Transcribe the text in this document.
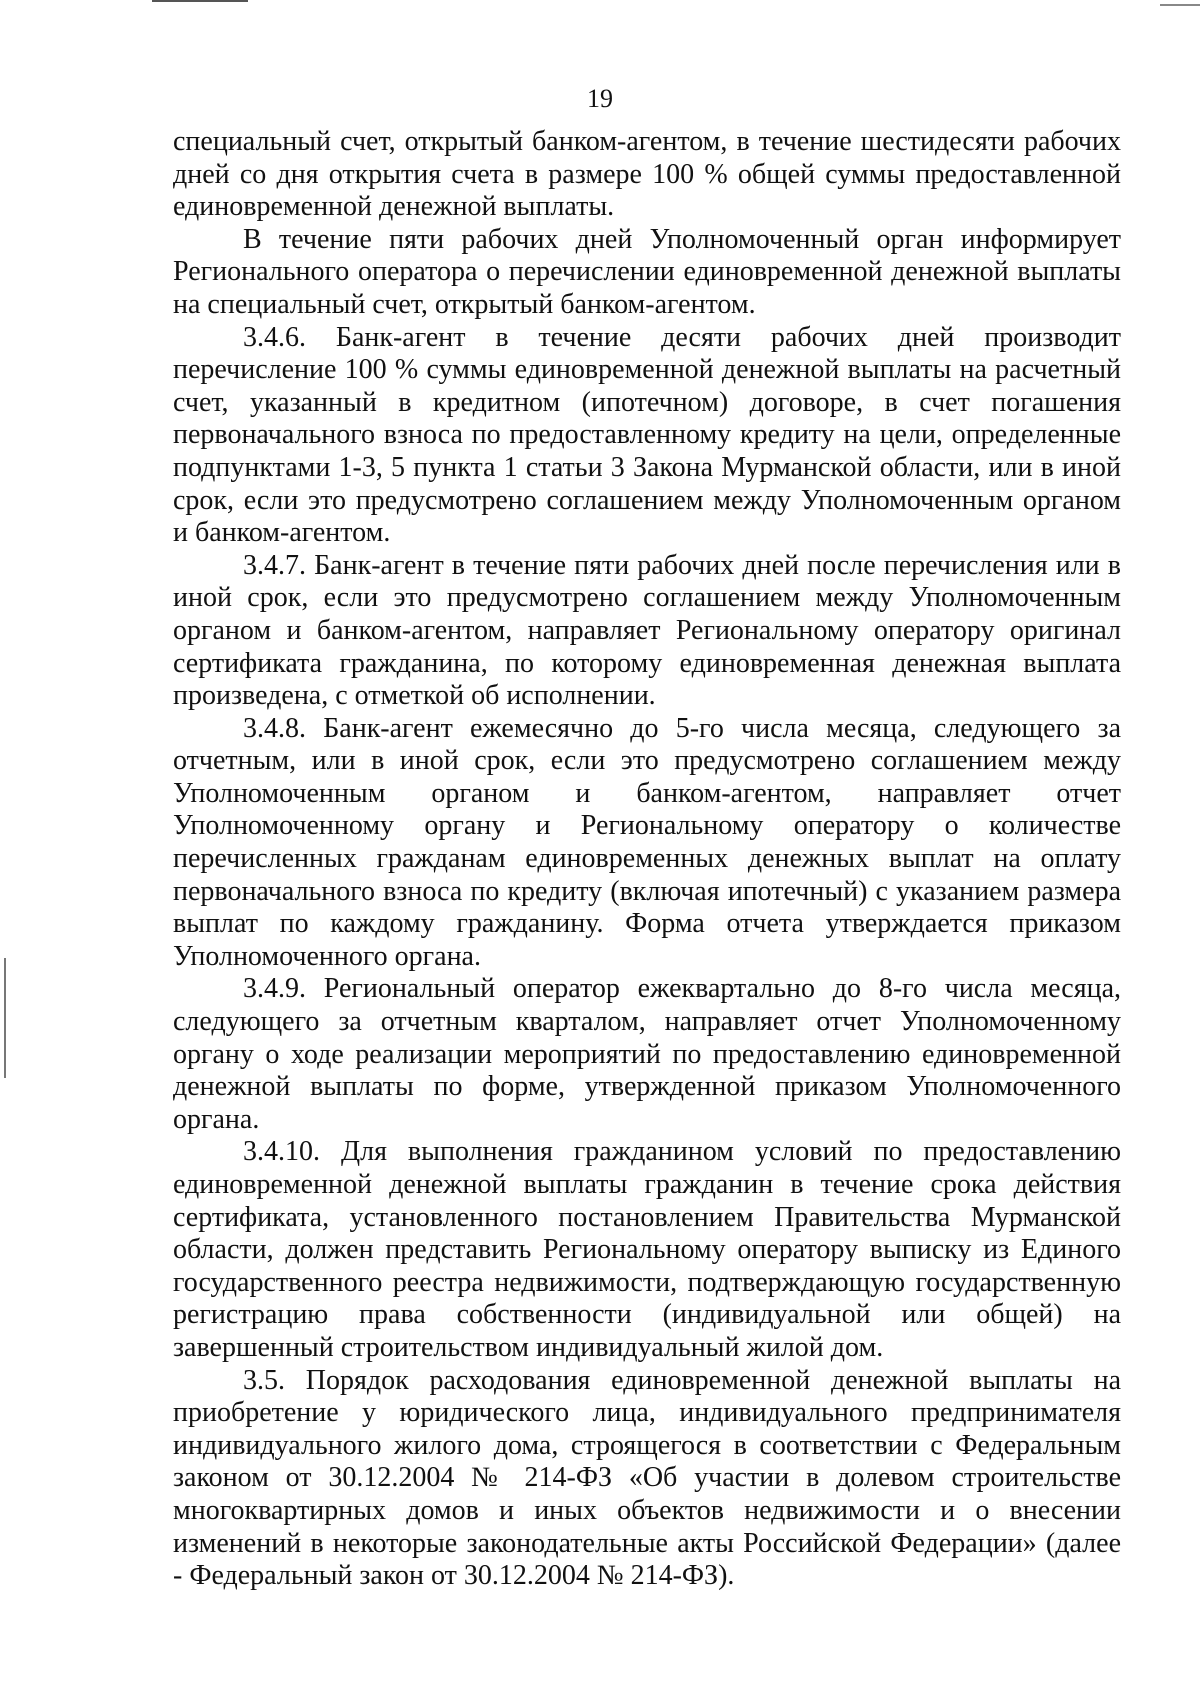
19

специальный счет, открытый банком-агентом, в течение шестидесяти рабочих дней со дня открытия счета в размере 100 % общей суммы предоставленной единовременной денежной выплаты.

В течение пяти рабочих дней Уполномоченный орган информирует Регионального оператора о перечислении единовременной денежной выплаты на специальный счет, открытый банком-агентом.

3.4.6. Банк-агент в течение десяти рабочих дней производит перечисление 100 % суммы единовременной денежной выплаты на расчетный счет, указанный в кредитном (ипотечном) договоре, в счет погашения первоначального взноса по предоставленному кредиту на цели, определенные подпунктами 1-3, 5 пункта 1 статьи 3 Закона Мурманской области, или в иной срок, если это предусмотрено соглашением между Уполномоченным органом и банком-агентом.

3.4.7. Банк-агент в течение пяти рабочих дней после перечисления или в иной срок, если это предусмотрено соглашением между Уполномоченным органом и банком-агентом, направляет Региональному оператору оригинал сертификата гражданина, по которому единовременная денежная выплата произведена, с отметкой об исполнении.

3.4.8. Банк-агент ежемесячно до 5-го числа месяца, следующего за отчетным, или в иной срок, если это предусмотрено соглашением между Уполномоченным органом и банком-агентом, направляет отчет Уполномоченному органу и Региональному оператору о количестве перечисленных гражданам единовременных денежных выплат на оплату первоначального взноса по кредиту (включая ипотечный) с указанием размера выплат по каждому гражданину. Форма отчета утверждается приказом Уполномоченного органа.

3.4.9. Региональный оператор ежеквартально до 8-го числа месяца, следующего за отчетным кварталом, направляет отчет Уполномоченному органу о ходе реализации мероприятий по предоставлению единовременной денежной выплаты по форме, утвержденной приказом Уполномоченного органа.

3.4.10. Для выполнения гражданином условий по предоставлению единовременной денежной выплаты гражданин в течение срока действия сертификата, установленного постановлением Правительства Мурманской области, должен представить Региональному оператору выписку из Единого государственного реестра недвижимости, подтверждающую государственную регистрацию права собственности (индивидуальной или общей) на завершенный строительством индивидуальный жилой дом.

3.5. Порядок расходования единовременной денежной выплаты на приобретение у юридического лица, индивидуального предпринимателя индивидуального жилого дома, строящегося в соответствии с Федеральным законом от 30.12.2004 № 214-ФЗ «Об участии в долевом строительстве многоквартирных домов и иных объектов недвижимости и о внесении изменений в некоторые законодательные акты Российской Федерации» (далее - Федеральный закон от 30.12.2004 № 214-ФЗ).
